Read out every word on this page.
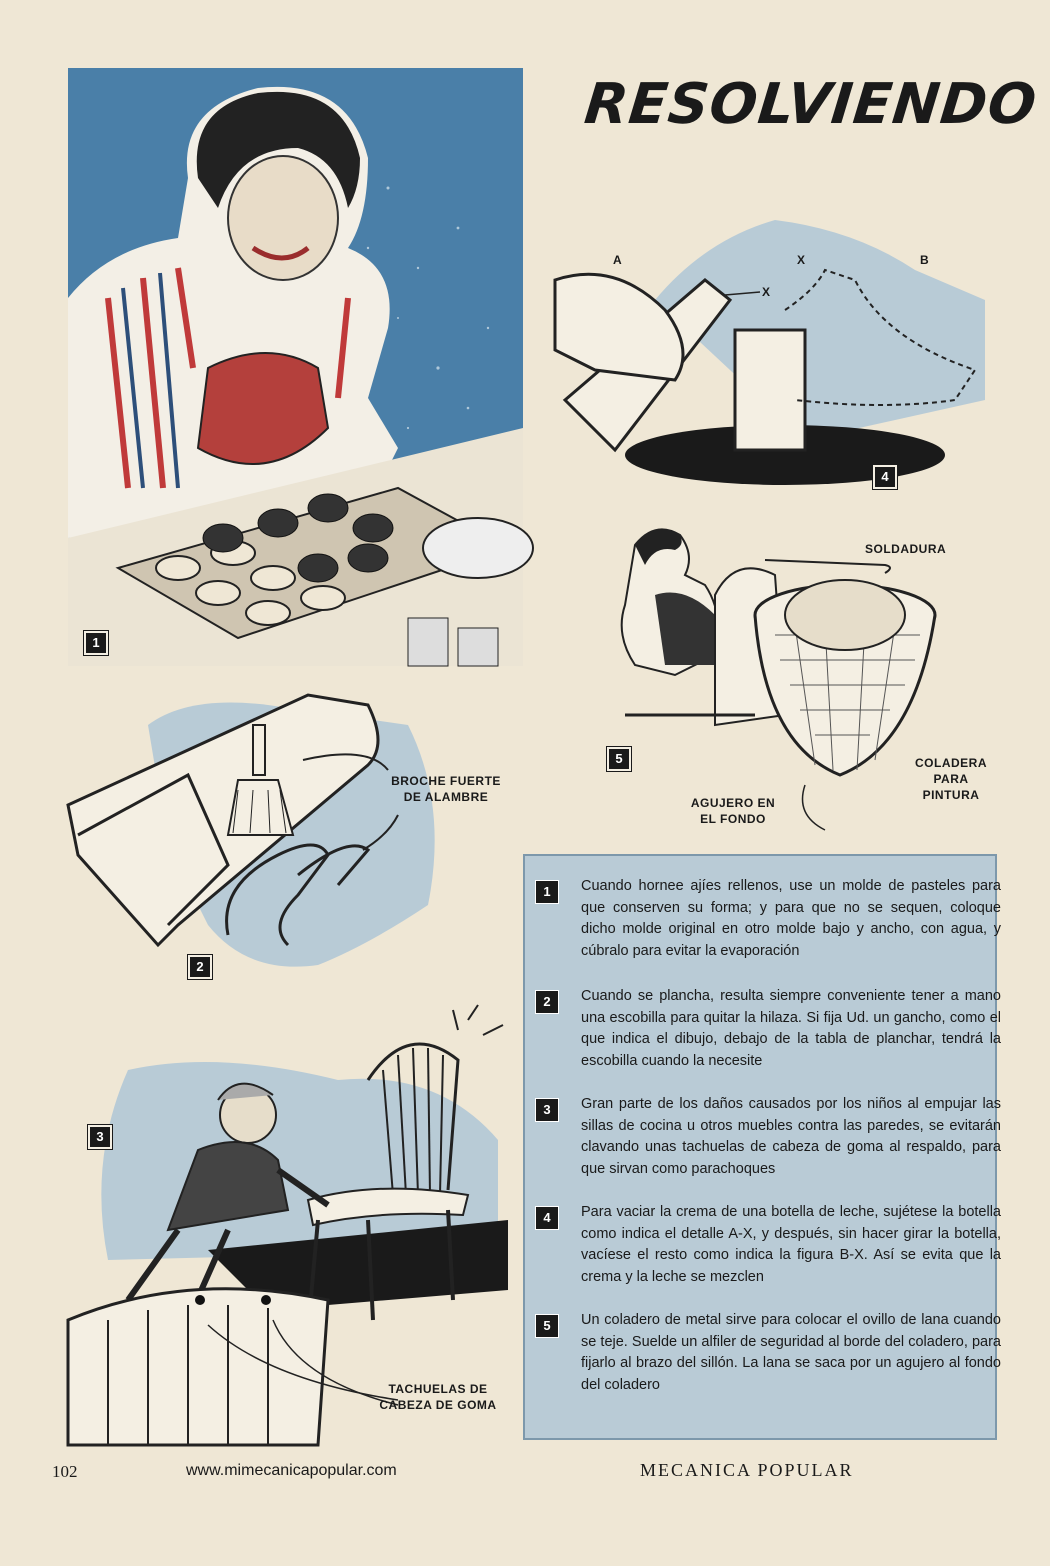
RESOLVIENDO
1
A
X
X	B
4
SOLDADURA
COLADERA PARA PINTURA
AGUJERO EN EL FONDO
5
BROCHE FUERTE DE ALAMBRE
2
3
TACHUELAS DE CABEZA DE GOMA
1	Cuando hornee ajíes rellenos, use un molde de pasteles para que conserven su forma; y para que no se sequen, coloque dicho molde original en otro molde bajo y ancho, con agua, y cúbralo para evitar la evaporación
2	Cuando se plancha, resulta siempre conveniente tener a mano una escobilla para quitar la hilaza. Si fija Ud. un gancho, como el que indica el dibujo, debajo de la tabla de planchar, tendrá la escobilla cuando la necesite
3	Gran parte de los daños causados por los niños al empujar las sillas de cocina u otros muebles contra las paredes, se evitarán clavando unas tachuelas de cabeza de goma al respaldo, para que sirvan como parachoques
4	Para vaciar la crema de una botella de leche, sujétese la botella como indica el detalle A-X, y después, sin hacer girar la botella, vacíese el resto como indica la figura B-X. Así se evita que la crema y la leche se mezclen
5	Un coladero de metal sirve para colocar el ovillo de lana cuando se teje. Suelde un alfiler de seguridad al borde del coladero, para fijarlo al brazo del sillón. La lana se saca por un agujero al fondo del coladero
102	www.mimecanicapopular.com	MECANICA POPULAR
